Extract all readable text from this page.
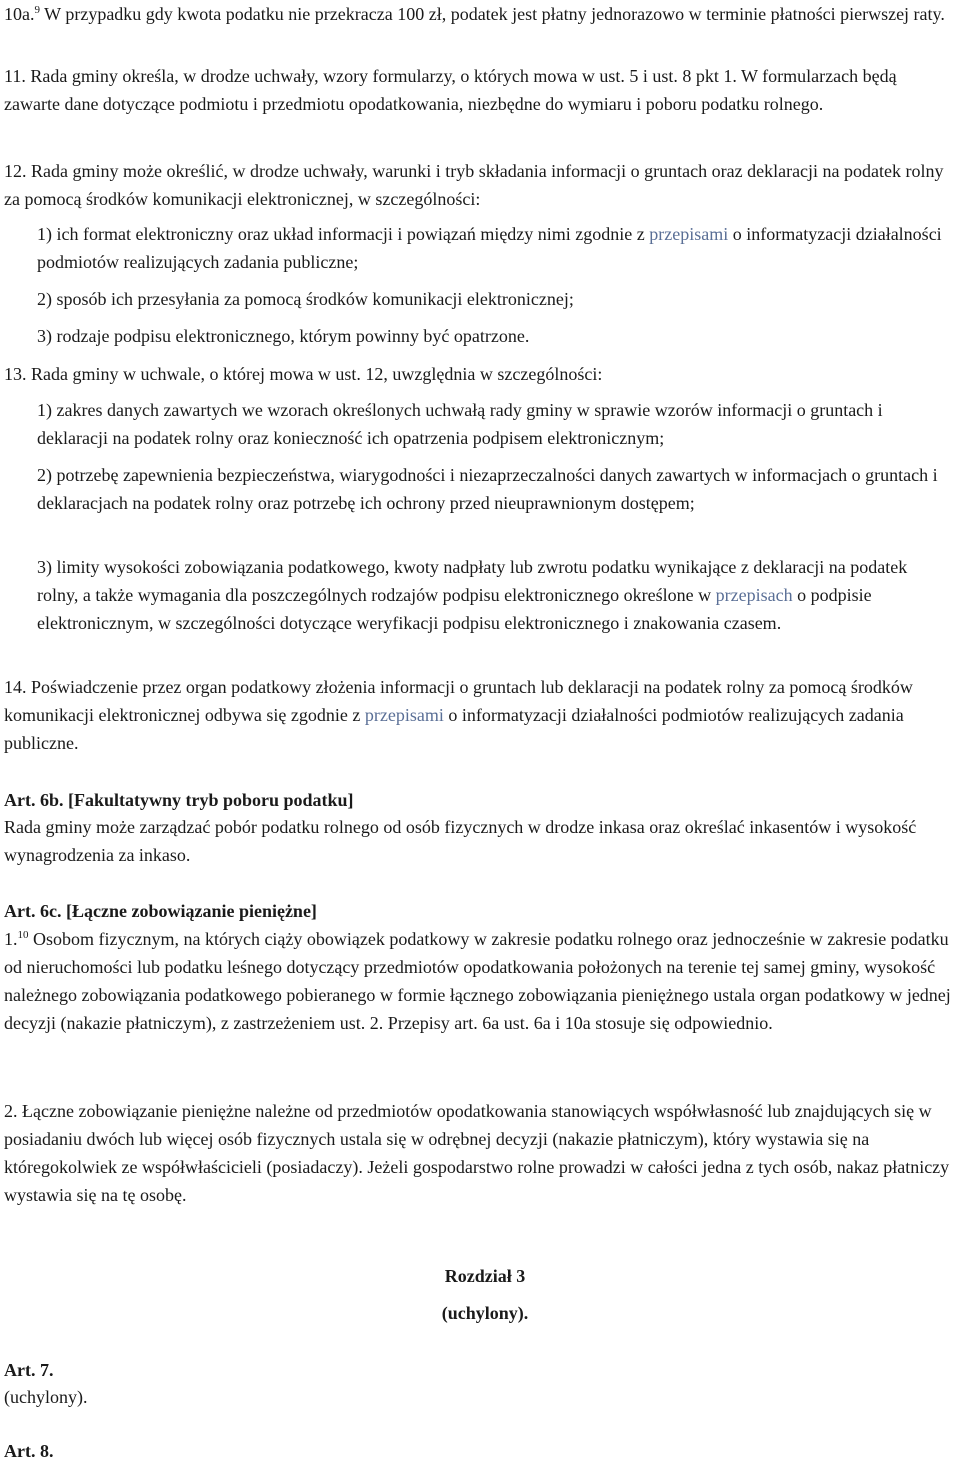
10a.$^9$ W przypadku gdy kwota podatku nie przekracza 100 zł, podatek jest płatny jednorazowo w terminie płatności pierwszej raty.

11. Rada gminy określa, w drodze uchwały, wzory formularzy, o których mowa w ust. 5 i ust. 8 pkt 1. W formularzach będą zawarte dane dotyczące podmiotu i przedmiotu opodatkowania, niezbędne do wymiaru i poboru podatku rolnego.

12. Rada gminy może określić, w drodze uchwały, warunki i tryb składania informacji o gruntach oraz deklaracji na podatek rolny za pomocą środków komunikacji elektronicznej, w szczególności:

1) ich format elektroniczny oraz układ informacji i powiązań między nimi zgodnie z przepisami o informatyzacji działalności podmiotów realizujących zadania publiczne;

2) sposób ich przesyłania za pomocą środków komunikacji elektronicznej;

3) rodzaje podpisu elektronicznego, którym powinny być opatrzone.

13. Rada gminy w uchwale, o której mowa w ust. 12, uwzględnia w szczególności:

1) zakres danych zawartych we wzorach określonych uchwałą rady gminy w sprawie wzorów informacji o gruntach i deklaracji na podatek rolny oraz konieczność ich opatrzenia podpisem elektronicznym;

2) potrzebę zapewnienia bezpieczeństwa, wiarygodności i niezaprzeczalności danych zawartych w informacjach o gruntach i deklaracjach na podatek rolny oraz potrzebę ich ochrony przed nieuprawnionym dostępem;

3) limity wysokości zobowiązania podatkowego, kwoty nadpłaty lub zwrotu podatku wynikające z deklaracji na podatek rolny, a także wymagania dla poszczególnych rodzajów podpisu elektronicznego określone w przepisach o podpisie elektronicznym, w szczególności dotyczące weryfikacji podpisu elektronicznego i znakowania czasem.

14. Poświadczenie przez organ podatkowy złożenia informacji o gruntach lub deklaracji na podatek rolny za pomocą środków komunikacji elektronicznej odbywa się zgodnie z przepisami o informatyzacji działalności podmiotów realizujących zadania publiczne.

Art. 6b. [Fakultatywny tryb poboru podatku]

Rada gminy może zarządzać pobór podatku rolnego od osób fizycznych w drodze inkasa oraz określać inkasentów i wysokość wynagrodzenia za inkaso.

Art. 6c. [Łączne zobowiązanie pieniężne]

1.10 Osobom fizycznym, na których ciąży obowiązek podatkowy w zakresie podatku rolnego oraz jednocześnie w zakresie podatku od nieruchomości lub podatku leśnego dotyczący przedmiotów opodatkowania położonych na terenie tej samej gminy, wysokość należnego zobowiązania podatkowego pobieranego w formie łącznego zobowiązania pieniężnego ustala organ podatkowy w jednej decyzji (nakazie płatniczym), z zastrzeżeniem ust. 2. Przepisy art. 6a ust. 6a i 10a stosuje się odpowiednio.

2. Łączne zobowiązanie pieniężne należne od przedmiotów opodatkowania stanowiących współwłasność lub znajdujących się w posiadaniu dwóch lub więcej osób fizycznych ustala się w odrębnej decyzji (nakazie płatniczym), który wystawia się na któregokolwiek ze współwłaścicieli (posiadaczy). Jeżeli gospodarstwo rolne prowadzi w całości jedna z tych osób, nakaz płatniczy wystawia się na tę osobę.

Rozdział 3
(uchylony).

Art. 7.

(uchylony).

Art. 8.
